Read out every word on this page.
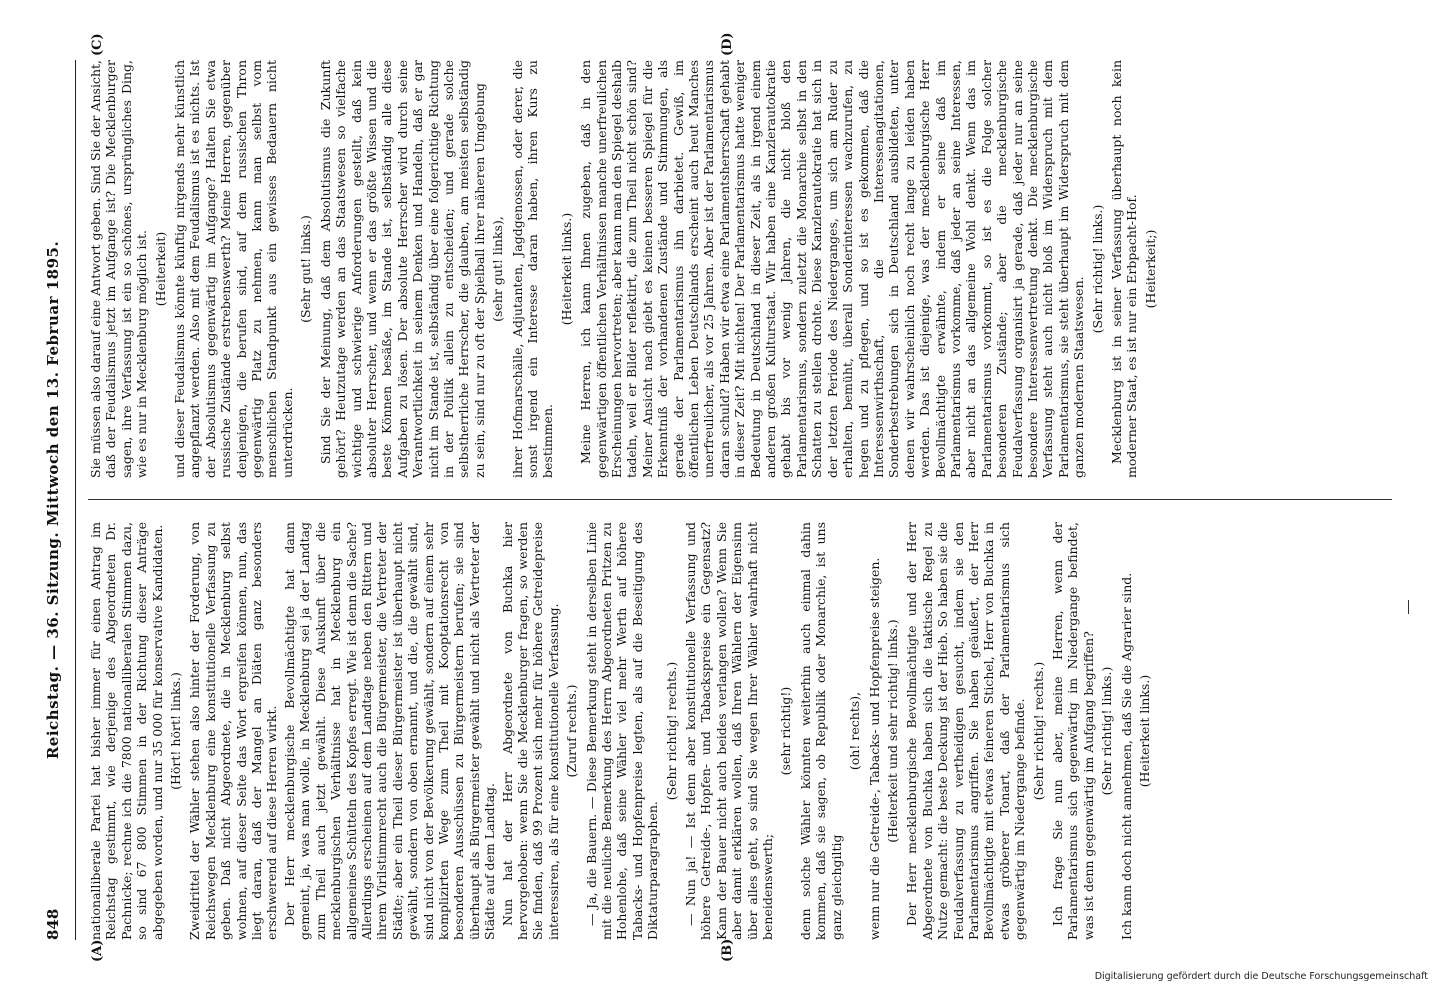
848
Reichstag. — 36. Sitzung. Mittwoch den 13. Februar 1895.
(A)	(B)
(C)	(D)

nationalliberale Partei hat bisher immer für einen Antrag im Reichstag gestimmt, wie derjenige des Abgeordneten Dr. Pachnicke; rechne ich die 7800 nationalliberalen Stimmen dazu, so sind 67 800 Stimmen in der Richtung dieser Anträge abgegeben worden, und nur 35 000 für konservative Kandidaten. (Hört! hört! links.) Zweidrittel der Wähler stehen also hinter der Forderung, von Reichswegen Mecklenburg eine konstitutionelle Verfassung zu geben. Daß nicht Abgeordnete, die in Mecklenburg selbst wohnen, auf dieser Seite das Wort ergreifen können, nun, das liegt daran, daß der Mangel an Diäten ganz besonders erschwerend auf diese Herren wirkt. Der Herr mecklenburgische Bevollmächtigte hat dann gemeint, ja, was man wolle, in Mecklenburg sei ja der Landtag zum Theil auch jetzt gewählt. Diese Auskunft über die mecklenburgischen Verhältnisse hat in Mecklenburg ein allgemeines Schütteln des Kopfes erregt. Wie ist denn die Sache? Allerdings erscheinen auf dem Landtage neben den Rittern und ihrem Virilstimmrecht auch die Bürgermeister, die Vertreter der Städte; aber ein Theil dieser Bürgermeister ist überhaupt nicht gewählt, sondern von oben ernannt, und die, die gewählt sind, sind nicht von der Bevölkerung gewählt, sondern auf einem sehr komplizirten Wege zum Theil mit Kooptationsrecht von besonderen Ausschüssen zu Bürgermeistern berufen; sie sind überhaupt als Bürgermeister gewählt und nicht als Vertreter der Städte auf dem Landtag. Nun hat der Herr Abgeordnete von Buchka hier hervorgehoben: wenn Sie die Mecklenburger fragen, so werden Sie finden, daß 99 Prozent sich mehr für höhere Getreidepreise interessiren, als für eine konstitutionelle Verfassung. (Zuruf rechts.) — Ja, die Bauern. — Diese Bemerkung steht in derselben Linie mit die neuliche Bemerkung des Herrn Abgeordneten Pritzen zu Hohenlohe, daß seine Wähler viel mehr Werth auf höhere Tabacks- und Hopfenpreise legten, als auf die Beseitigung des Diktaturparagraphen.

(Sehr richtig! rechts.) — Nun ja! — Ist denn aber konstitutionelle Verfassung und höhere Getreide-, Hopfen- und Tabackspreise ein Gegensatz? Kann der Bauer nicht auch beides verlangen wollen? Wenn Sie aber damit erklären wollen, daß Ihren Wählern der Eigensinn über alles geht, so sind Sie wegen Ihrer Wähler wahrhaft nicht beneidenswerth;

(sehr richtig!) denn solche Wähler könnten weiterhin auch einmal dahin kommen, daß sie sagen, ob Republik oder Monarchie, ist uns ganz gleichgiltig

(oh! rechts), wenn nur die Getreide-, Tabacks- und Hopfenpreise steigen. (Heiterkeit und sehr richtig! links.) Der Herr mecklenburgische Bevollmächtigte und der Herr Abgeordnete von Buchka haben sich die taktische Regel zu Nutze gemacht: die beste Deckung ist der Hieb. So haben sie die Feudalverfassung zu vertheidigen gesucht, indem sie den Parlamentarismus angriffen. Sie haben geäußert, der Herr Bevollmächtigte mit etwas feineren Stichel, Herr von Buchka in etwas gröberer Tonart, daß der Parlamentarismus sich gegenwärtig im Niedergange befinde. (Sehr richtig! rechts.) Ich frage Sie nun aber, meine Herren, wenn der Parlamentarismus sich gegenwärtig im Niedergange befindet, was ist denn gegenwärtig im Aufgang begriffen? (Sehr richtig! links.) Ich kann doch nicht annehmen, daß Sie die Agrarier sind. (Heiterkeit links.)

Sie müssen also darauf eine Antwort geben. Sind Sie der Ansicht, daß der Feudalismus jetzt im Aufgange ist? Die Mecklenburger sagen, ihre Verfassung ist ein so schönes, ursprüngliches Ding, wie es nur in Mecklenburg möglich ist. (Heiterkeit) und dieser Feudalismus könnte künftig nirgends mehr künstlich angepflanzt werden. Also mit dem Feudalismus ist es nichts. Ist der Absolutismus gegenwärtig im Aufgange? Halten Sie etwa russische Zustände erstrebenswerth? Meine Herren, gegenüber denjenigen, die berufen sind, auf dem russischen Thron gegenwärtig Platz zu nehmen, kann man selbst vom menschlichen Standpunkt aus ein gewisses Bedauern nicht unterdrücken.

(Sehr gut! links.) Sind Sie der Meinung, daß dem Absolutismus die Zukunft gehört? Heutzutage werden an das Staatswesen so vielfache wichtige und schwierige Anforderungen gestellt, daß kein absoluter Herrscher, und wenn er das größte Wissen und die beste Können besäße, im Stande ist, selbständig alle diese Aufgaben zu lösen. Der absolute Herrscher wird durch seine Verantwortlichkeit in seinem Denken und Handeln, daß er gar nicht im Stande ist, selbständig über eine folgerichtige Richtung in der Politik allein zu entscheiden; und gerade solche selbstherrliche Herrscher, die glauben, am meisten selbständig zu sein, sind nur zu oft der Spielball ihrer näheren Umgebung (sehr gut! links), ihrer Hofmarschälle, Adjutanten, Jagdgenossen, oder derer, die sonst irgend ein Interesse daran haben, ihren Kurs zu bestimmen.

(Heiterkeit links.) Meine Herren, ich kann Ihnen zugeben, daß in den gegenwärtigen öffentlichen Verhältnissen manche unerfreulichen Erscheinungen hervortreten; aber kann man den Spiegel deshalb tadeln, weil er Bilder reflektirt, die zum Theil nicht schön sind? Meiner Ansicht nach giebt es keinen besseren Spiegel für die Erkenntniß der vorhandenen Zustände und Stimmungen, als gerade der Parlamentarismus ihn darbietet. Gewiß, im öffentlichen Leben Deutschlands erscheint auch heut Manches unerfreulicher, als vor 25 Jahren. Aber ist der Parlamentarismus daran schuld? Haben wir etwa eine Parlamentsherrschaft gehabt in dieser Zeit? Mit nichten! Der Parlamentarismus hatte weniger Bedeutung in Deutschland in dieser Zeit, als in irgend einem anderen großen Kulturstaat. Wir haben eine Kanzlerautokratie gehabt bis vor wenig Jahren, die nicht bloß den Parlamentarismus, sondern zuletzt die Monarchie selbst in den Schatten zu stellen drohte. Diese Kanzlerautokratie hat sich in der letzten Periode des Niederganges, um sich am Ruder zu erhalten, bemüht, überall Sonderinteressen wachzurufen, zu hegen und zu pflegen, und so ist es gekommen, daß die Interessenwirthschaft, die Interessenagitationen, Sonderbestrebungen sich in Deutschland ausbildeten, unter denen wir wahrscheinlich noch recht lange zu leiden haben werden. Das ist diejenige, was der mecklenburgische Herr Bevollmächtigte erwähnte, indem er seine daß im Parlamentarismus vorkomme, daß jeder an seine Interessen, aber nicht an das allgemeine Wohl denkt. Wenn das im Parlamentarismus vorkommt, so ist es die Folge solcher besonderen Zustände; aber die mecklenburgische Feudalverfassung organisirt ja gerade, daß jeder nur an seine besondere Interessenvertretung denkt. Die mecklenburgische Verfassung steht auch nicht bloß im Widerspruch mit dem Parlamentarismus, sie steht überhaupt im Widerspruch mit dem ganzen modernen Staatswesen.

(Sehr richtig! links.) Mecklenburg ist in seiner Verfassung überhaupt noch kein moderner Staat, es ist nur ein Erbpacht-Hof. (Heiterkeit;)

Digitalisierung gefördert durch die Deutsche Forschungsgemeinschaft
